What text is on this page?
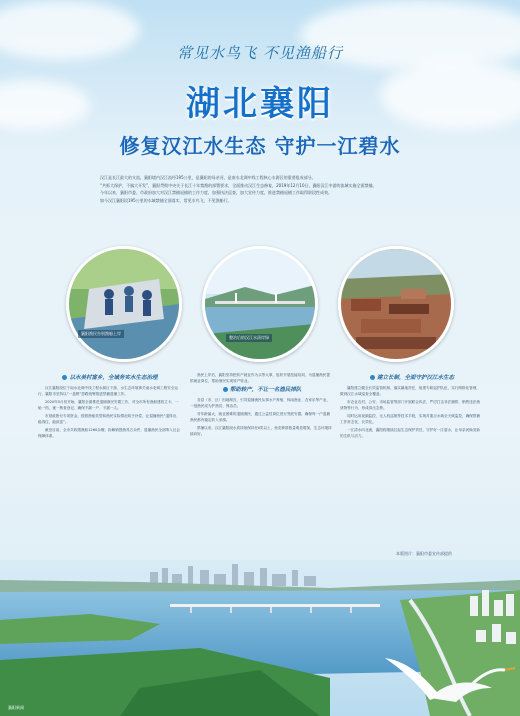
常见水鸟飞 不见渔船行
湖北襄阳
修复汉江水生态 守护一江碧水

汉江是长江最大的支流，襄阳境内汉江流经195公里，是襄阳的母亲河，是南水北调中线工程核心水源区的重要组成部分。

“共抓大保护，不搞大开发”，襄阳贯彻中央关于长江十年禁渔的部署要求，全面推动汉江生态修复，2019年12月10日，襄阳汉江中游的流域实施全面禁捕。

今年以来，襄阳市委、市政府加大对汉江禁捕退捕的工作力度，加强执法巡查，加大宣传力度，推进禁捕退捕工作取得阶段性成效。

如今汉江襄阳段195公里的水域禁捕全面落实，常见水鸟飞，不见渔船行。

襄阳渔民告别渔船上岸
整治后的汉江水清岸绿
以水美村富乡，全域务实水生态治理

汉江襄阳段位于南水北调中线工程水源区下游，水生态环境事关南水北调工程安全运行，襄阳市坚持以“一盘棋”思路统筹推进禁捕退捕工作。

2020年5月初开始，襄阳全面推进退捕渔民安置工作，对全市所有渔船建档立卡，一船一档，逐一核查登记，确保不漏一户、不漏一人。

市财政拨付专项资金，按照渔船类型和渔民实际情况给予补偿，让退捕渔民“退得出、稳得住、能致富”。

截至目前，全市共收缴渔船1260余艘，拆解销毁渔具万余件，退捕渔民全部纳入社会保障体系。

渔民上岸后，襄阳坚持把转产就业作为头等大事，组织开展技能培训，为退捕渔民提供就业岗位，帮助渔民实现转产转业。

帮助转产，不让一名渔民掉队

各县（市、区）因地制宜，引导退捕渔民从事水产养殖、休闲渔业、农家乐等产业，一批渔民成为护渔员、保洁员。

对年龄偏大、就业困难的退捕渔民，通过公益性岗位进行兜底安置，确保每一户退捕渔民都有稳定收入来源。

禁捕以来，汉江襄阳段水质持续保持在Ⅱ类以上，鱼类种群数量明显增加，生态环境持续向好。

建立长制，全面守护汉江水生态

襄阳建立健全长效监管机制，落实属地责任，组建专职巡护队伍，实行网格化管理，做到汉江水域巡查全覆盖。

市农业农村、公安、市场监管等部门开展联合执法，严厉打击非法捕捞、销售违法渔获物等行为，形成高压态势。

同时运用视频监控、无人机巡航等技术手段，实现对重点水域全天候监控，确保禁捕工作常态化、长效化。

一江清水向北流，襄阳将继续扛起生态保护责任，守护好一江碧水，让母亲河焕发新的生机与活力。

本版图片：襄阳市委宣传部提供
襄阳新闻
